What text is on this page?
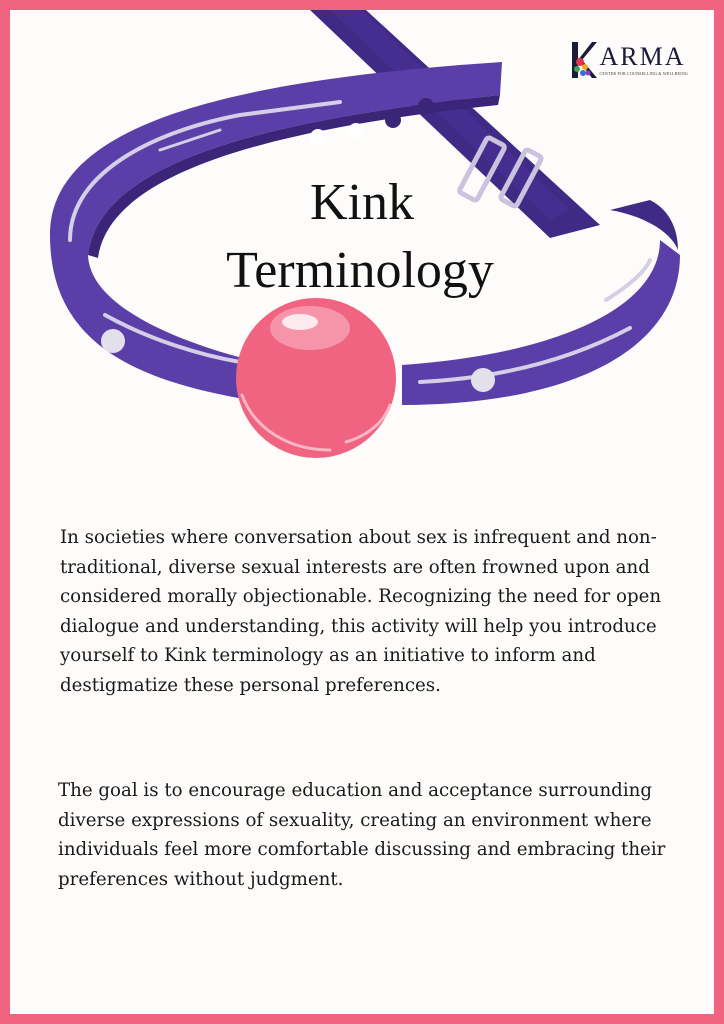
ARMA
CENTER FOR COUNSELLING & WELLBEING
Kink
Terminology

In societies where conversation about sex is infrequent and non-traditional, diverse sexual interests are often frowned upon and considered morally objectionable. Recognizing the need for open dialogue and understanding, this activity will help you introduce yourself to Kink terminology as an initiative to inform and destigmatize these personal preferences.

The goal is to encourage education and acceptance surrounding diverse expressions of sexuality, creating an environment where individuals feel more comfortable discussing and embracing their preferences without judgment.
